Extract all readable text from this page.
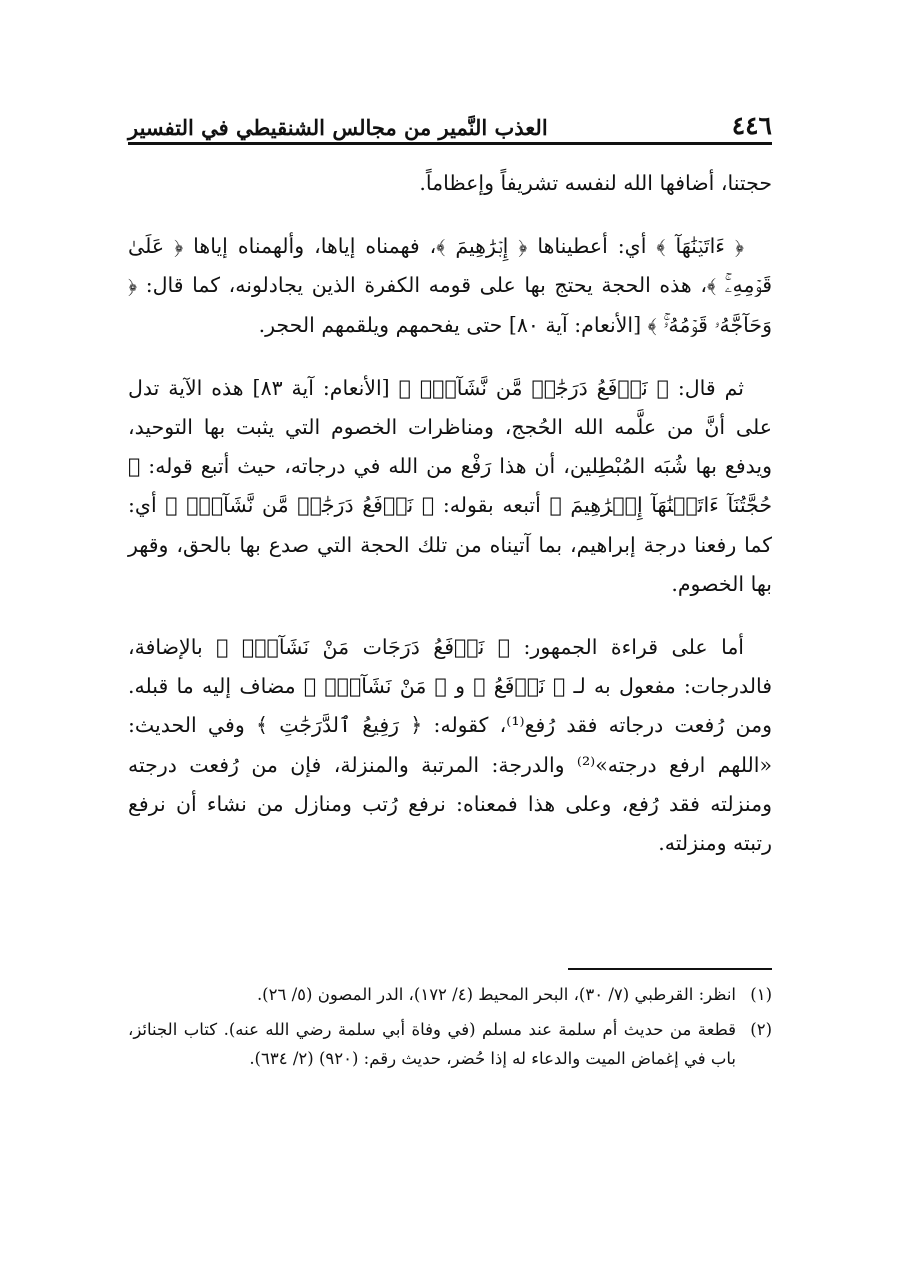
٤٤٦
العذب النَّمير من مجالس الشنقيطي في التفسير

حجتنا، أضافها الله لنفسه تشريفاً وإعظاماً.

﴿ ءَاتَيۡنَٰهَآ ﴾ أي: أعطيناها ﴿ إِبۡرَٰهِيمَ ﴾، فهمناه إياها، وألهمناه إياها ﴿ عَلَىٰ قَوۡمِهِۦۚ ﴾، هذه الحجة يحتج بها على قومه الكفرة الذين يجادلونه، كما قال: ﴿ وَحَآجَّهُۥ قَوۡمُهُۥۚ ﴾ [الأنعام: آية ٨٠] حتى يفحمهم ويلقمهم الحجر.

ثم قال: ﴿ نَرۡفَعُ دَرَجَٰتٖ مَّن نَّشَآءُۗ ﴾ [الأنعام: آية ٨٣] هذه الآية تدل على أنَّ من علَّمه الله الحُجج، ومناظرات الخصوم التي يثبت بها التوحيد، ويدفع بها شُبَه المُبْطِلين، أن هذا رَفْع من الله في درجاته، حيث أتبع قوله: ﴿ حُجَّتُنَآ ءَاتَيۡنَٰهَآ إِبۡرَٰهِيمَ ﴾ أتبعه بقوله: ﴿ نَرۡفَعُ دَرَجَٰتٖ مَّن نَّشَآءُۗ ﴾ أي: كما رفعنا درجة إبراهيم، بما آتيناه من تلك الحجة التي صدع بها بالحق، وقهر بها الخصوم.

أما على قراءة الجمهور: ﴿ نَرۡفَعُ دَرَجَات مَنْ نَشَآءُۗ ﴾ بالإضافة، فالدرجات: مفعول به لـ ﴿ نَرۡفَعُ ﴾ و ﴿ مَنْ نَشَآءُۗ ﴾ مضاف إليه ما قبله. ومن رُفعت درجاته فقد رُفع⁽¹⁾، كقوله: ﴿ رَفِيعُ ٱلدَّرَجَٰتِ ﴾ وفي الحديث: «اللهم ارفع درجته»⁽²⁾ والدرجة: المرتبة والمنزلة، فإن من رُفعت درجته ومنزلته فقد رُفع، وعلى هذا فمعناه: نرفع رُتب ومنازل من نشاء أن نرفع رتبته ومنزلته.

(١)
انظر: القرطبي (٧/ ٣٠)، البحر المحيط (٤/ ١٧٢)، الدر المصون (٥/ ٢٦).
(٢)
قطعة من حديث أم سلمة عند مسلم (في وفاة أبي سلمة رضي الله عنه). كتاب الجنائز، باب في إغماض الميت والدعاء له إذا حُضر، حديث رقم: (٩٢٠) (٢/ ٦٣٤).
